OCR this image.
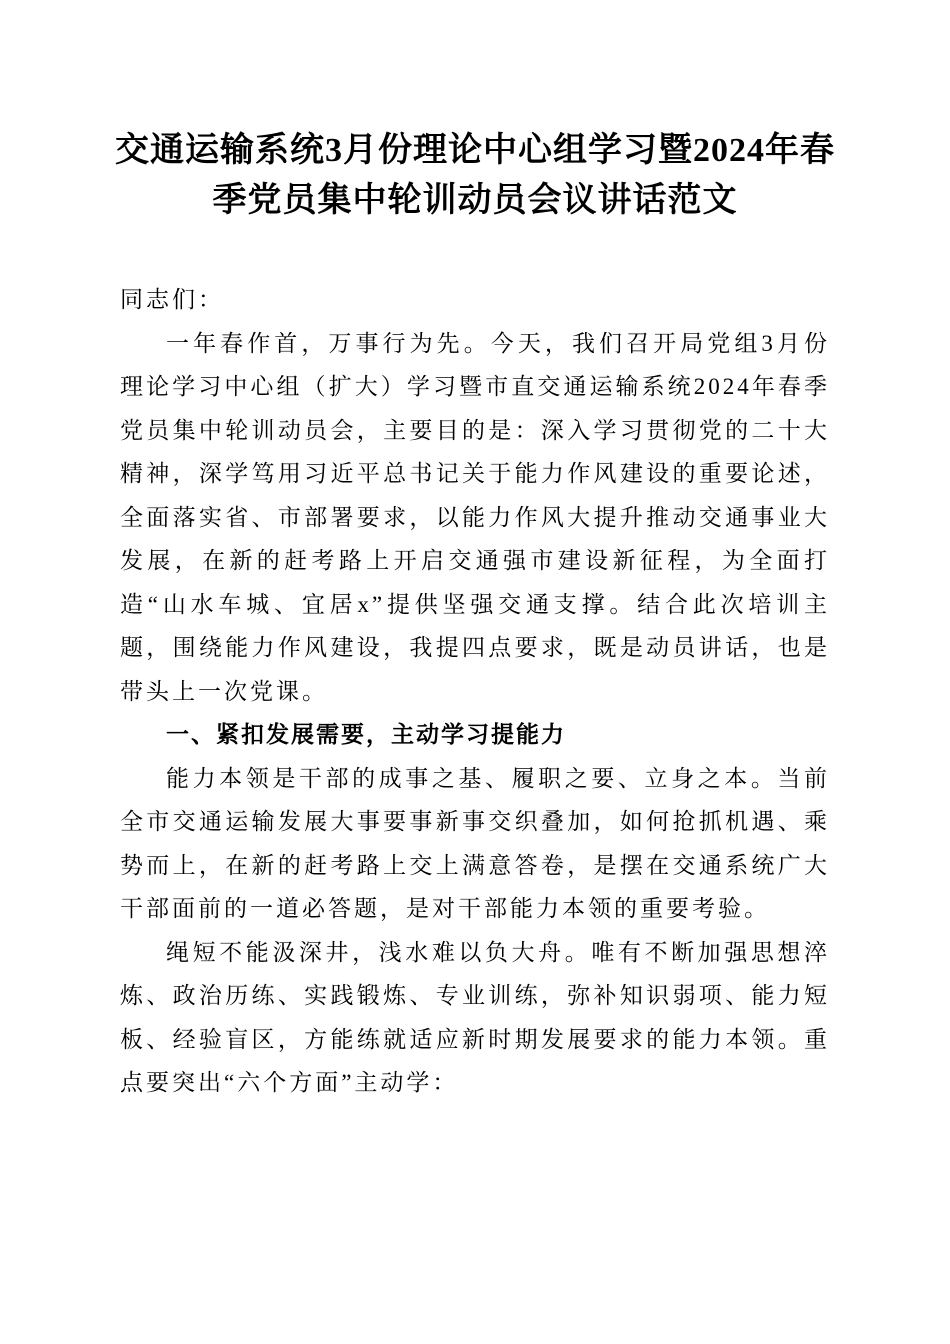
交通运输系统3月份理论中心组学习暨2024年春季党员集中轮训动员会议讲话范文

同志们：

一年春作首，万事行为先。今天，我们召开局党组3月份理论学习中心组（扩大）学习暨市直交通运输系统2024年春季党员集中轮训动员会，主要目的是：深入学习贯彻党的二十大精神，深学笃用习近平总书记关于能力作风建设的重要论述，全面落实省、市部署要求，以能力作风大提升推动交通事业大发展，在新的赶考路上开启交通强市建设新征程，为全面打造“山水车城、宜居x”提供坚强交通支撑。结合此次培训主题，围绕能力作风建设，我提四点要求，既是动员讲话，也是带头上一次党课。

一、紧扣发展需要，主动学习提能力

能力本领是干部的成事之基、履职之要、立身之本。当前全市交通运输发展大事要事新事交织叠加，如何抢抓机遇、乘势而上，在新的赶考路上交上满意答卷，是摆在交通系统广大干部面前的一道必答题，是对干部能力本领的重要考验。

绳短不能汲深井，浅水难以负大舟。唯有不断加强思想淬炼、政治历练、实践锻炼、专业训练，弥补知识弱项、能力短板、经验盲区，方能练就适应新时期发展要求的能力本领。重点要突出“六个方面”主动学：
